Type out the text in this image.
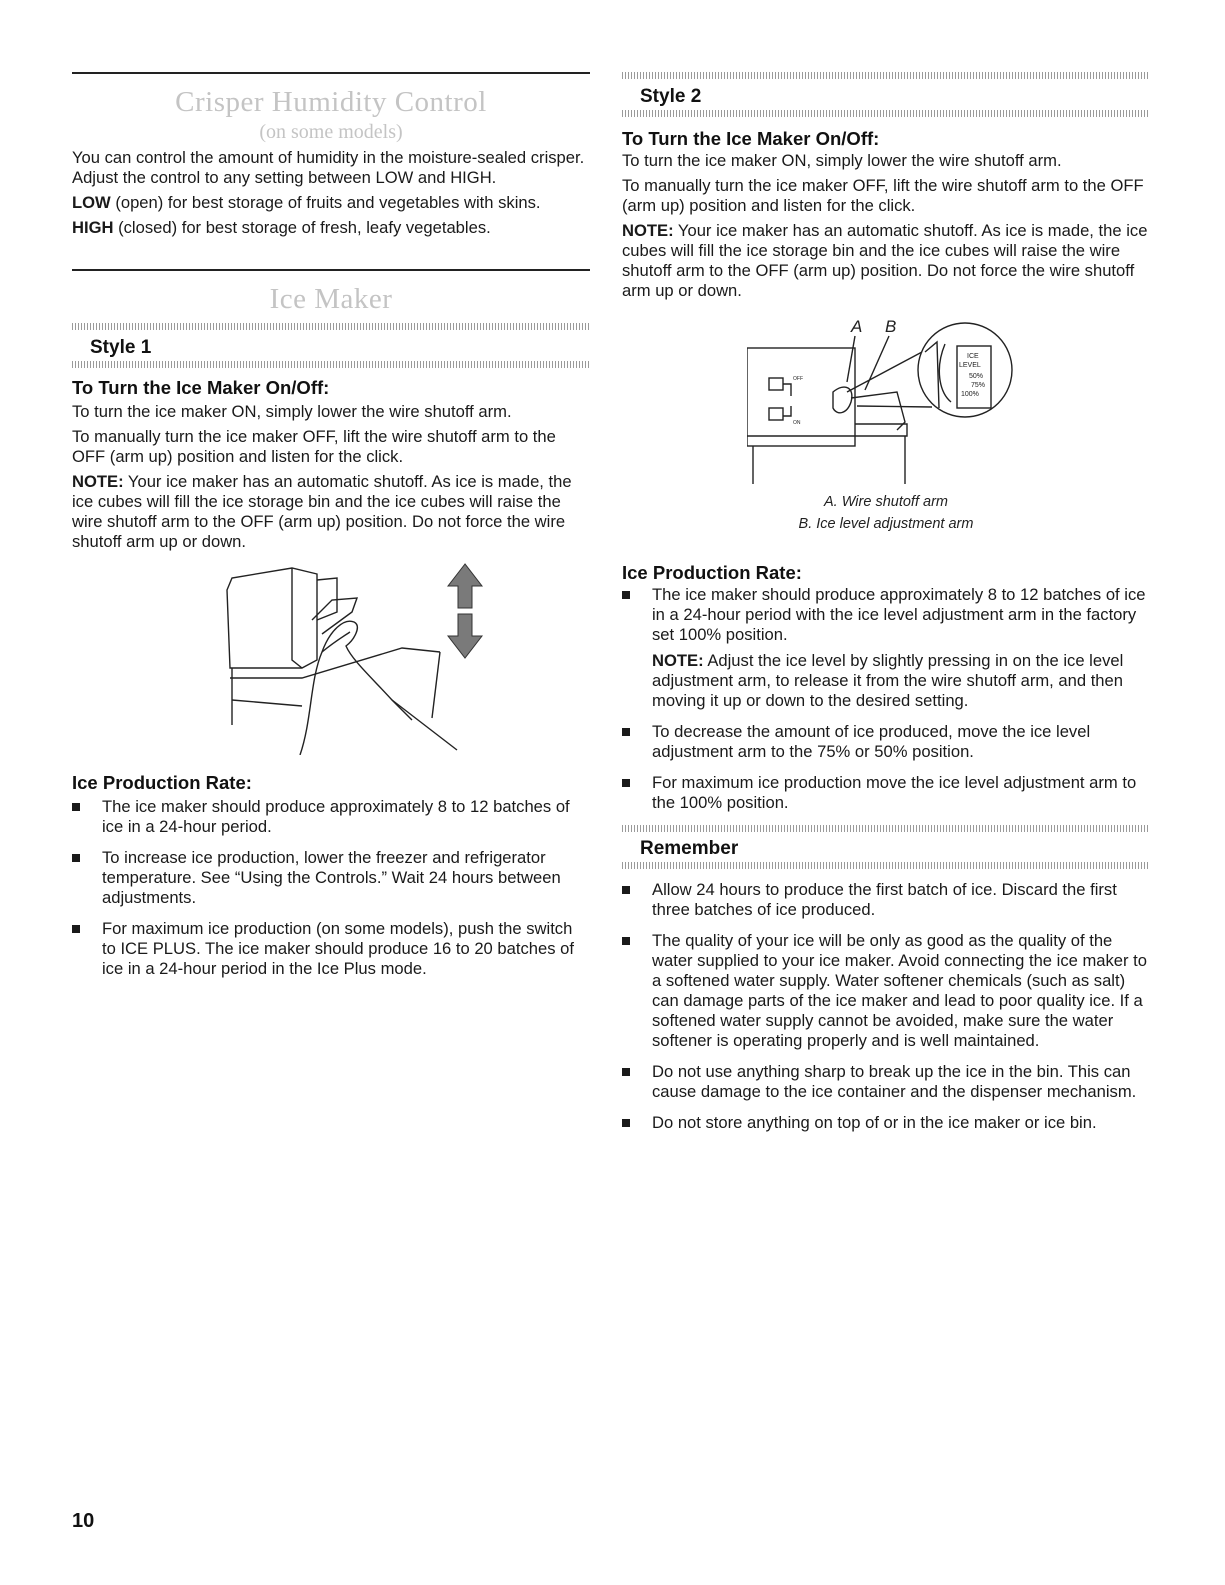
Crisper Humidity Control
(on some models)

You can control the amount of humidity in the moisture-sealed crisper. Adjust the control to any setting between LOW and HIGH.

LOW (open) for best storage of fruits and vegetables with skins.

HIGH (closed) for best storage of fresh, leafy vegetables.

Ice Maker
Style 1
To Turn the Ice Maker On/Off:

To turn the ice maker ON, simply lower the wire shutoff arm.

To manually turn the ice maker OFF, lift the wire shutoff arm to the OFF (arm up) position and listen for the click.

NOTE: Your ice maker has an automatic shutoff. As ice is made, the ice cubes will fill the ice storage bin and the ice cubes will raise the wire shutoff arm to the OFF (arm up) position. Do not force the wire shutoff arm up or down.

Ice Production Rate:
The ice maker should produce approximately 8 to 12 batches of ice in a 24-hour period.
To increase ice production, lower the freezer and refrigerator temperature. See “Using the Controls.” Wait 24 hours between adjustments.
For maximum ice production (on some models), push the switch to ICE PLUS. The ice maker should produce 16 to 20 batches of ice in a 24-hour period in the Ice Plus mode.
Style 2
To Turn the Ice Maker On/Off:

To turn the ice maker ON, simply lower the wire shutoff arm.

To manually turn the ice maker OFF, lift the wire shutoff arm to the OFF (arm up) position and listen for the click.

NOTE: Your ice maker has an automatic shutoff. As ice is made, the ice cubes will fill the ice storage bin and the ice cubes will raise the wire shutoff arm to the OFF (arm up) position. Do not force the wire shutoff arm up or down.

A B
OFF
ON
ICE
LEVEL
50%
75%
100%
A. Wire shutoff arm
B. Ice level adjustment arm
Ice Production Rate:
The ice maker should produce approximately 8 to 12 batches of ice in a 24-hour period with the ice level adjustment arm in the factory set 100% position.
NOTE: Adjust the ice level by slightly pressing in on the ice level adjustment arm, to release it from the wire shutoff arm, and then moving it up or down to the desired setting.
To decrease the amount of ice produced, move the ice level adjustment arm to the 75% or 50% position.
For maximum ice production move the ice level adjustment arm to the 100% position.
Remember
Allow 24 hours to produce the first batch of ice. Discard the first three batches of ice produced.
The quality of your ice will be only as good as the quality of the water supplied to your ice maker. Avoid connecting the ice maker to a softened water supply. Water softener chemicals (such as salt) can damage parts of the ice maker and lead to poor quality ice. If a softened water supply cannot be avoided, make sure the water softener is operating properly and is well maintained.
Do not use anything sharp to break up the ice in the bin. This can cause damage to the ice container and the dispenser mechanism.
Do not store anything on top of or in the ice maker or ice bin.
10
